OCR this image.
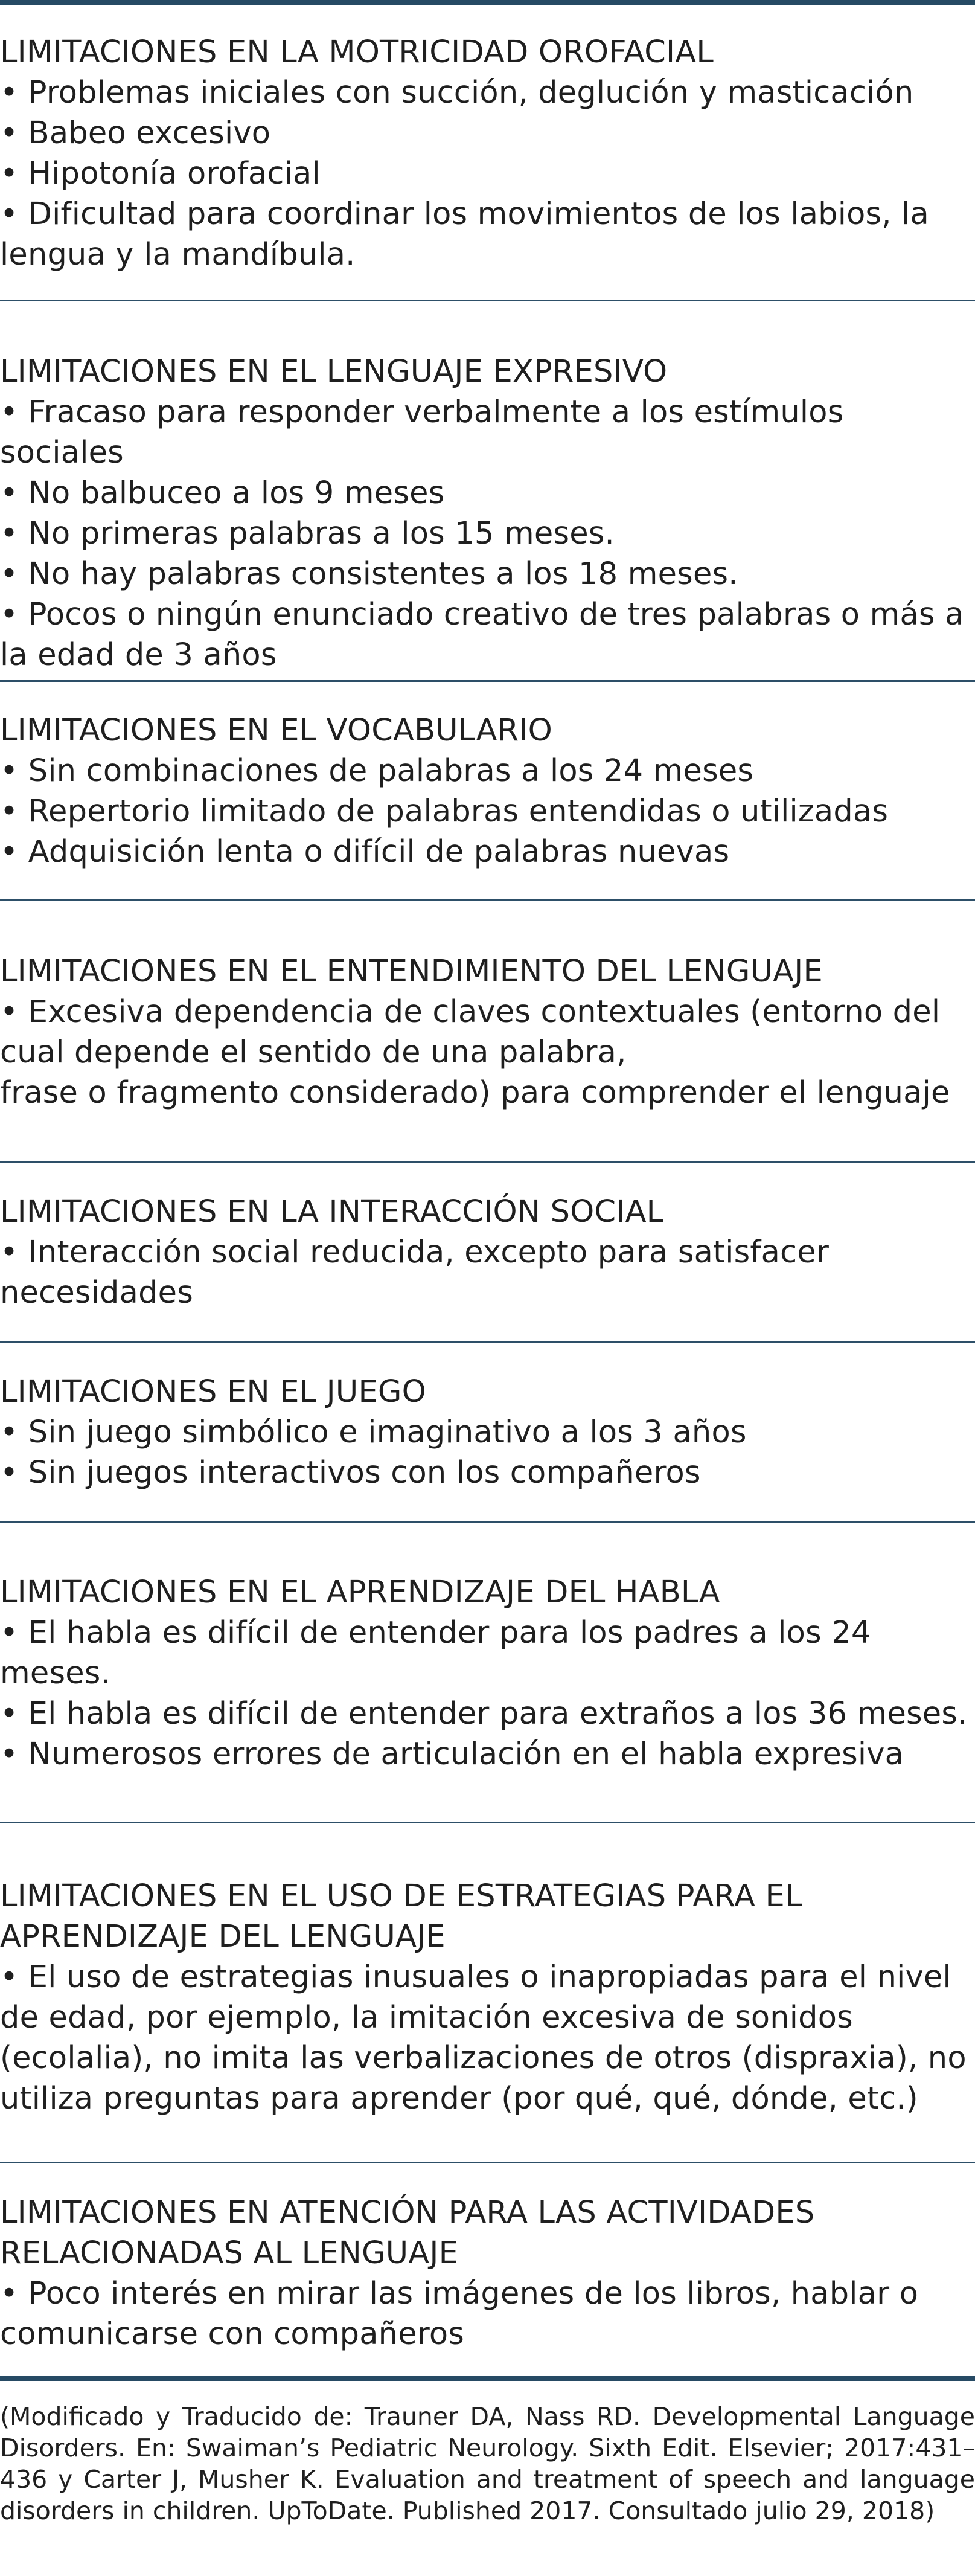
LIMITACIONES EN LA MOTRICIDAD OROFACIAL

• Problemas iniciales con succión, deglución y masticación

• Babeo excesivo

• Hipotonía orofacial

• Dificultad para coordinar los movimientos de los labios, la
lengua y la mandíbula.

LIMITACIONES EN EL LENGUAJE EXPRESIVO

• Fracaso para responder verbalmente a los estímulos sociales

• No balbuceo a los 9 meses

• No primeras palabras a los 15 meses.

• No hay palabras consistentes a los 18 meses.

• Pocos o ningún enunciado creativo de tres palabras o más a
la edad de 3 años

LIMITACIONES EN EL VOCABULARIO

• Sin combinaciones de palabras a los 24 meses

• Repertorio limitado de palabras entendidas o utilizadas

• Adquisición lenta o difícil de palabras nuevas

LIMITACIONES EN EL ENTENDIMIENTO DEL LENGUAJE

• Excesiva dependencia de claves contextuales (entorno del
cual depende el sentido de una palabra,
frase o fragmento considerado) para comprender el lenguaje

LIMITACIONES EN LA INTERACCIÓN SOCIAL

• Interacción social reducida, excepto para satisfacer
necesidades

LIMITACIONES EN EL JUEGO

• Sin juego simbólico e imaginativo a los 3 años

• Sin juegos interactivos con los compañeros

LIMITACIONES EN EL APRENDIZAJE DEL HABLA

• El habla es difícil de entender para los padres a los 24
meses.

• El habla es difícil de entender para extraños a los 36 meses.

• Numerosos errores de articulación en el habla expresiva

LIMITACIONES EN EL USO DE ESTRATEGIAS PARA EL
APRENDIZAJE DEL LENGUAJE

• El uso de estrategias inusuales o inapropiadas para el nivel
de edad, por ejemplo, la imitación excesiva de sonidos
(ecolalia), no imita las verbalizaciones de otros (dispraxia), no
utiliza preguntas para aprender (por qué, qué, dónde, etc.)

LIMITACIONES EN ATENCIÓN PARA LAS ACTIVIDADES
RELACIONADAS AL LENGUAJE

• Poco interés en mirar las imágenes de los libros, hablar o
comunicarse con compañeros

(Modificado y Traducido de: Trauner DA, Nass RD. Developmental Language Disorders. En: Swaiman’s Pediatric Neurology. Sixth Edit. Elsevier; 2017:431–436 y Carter J, Musher K. Evaluation and treatment of speech and language disorders in children. UpToDate. Published 2017. Consultado julio 29, 2018)
